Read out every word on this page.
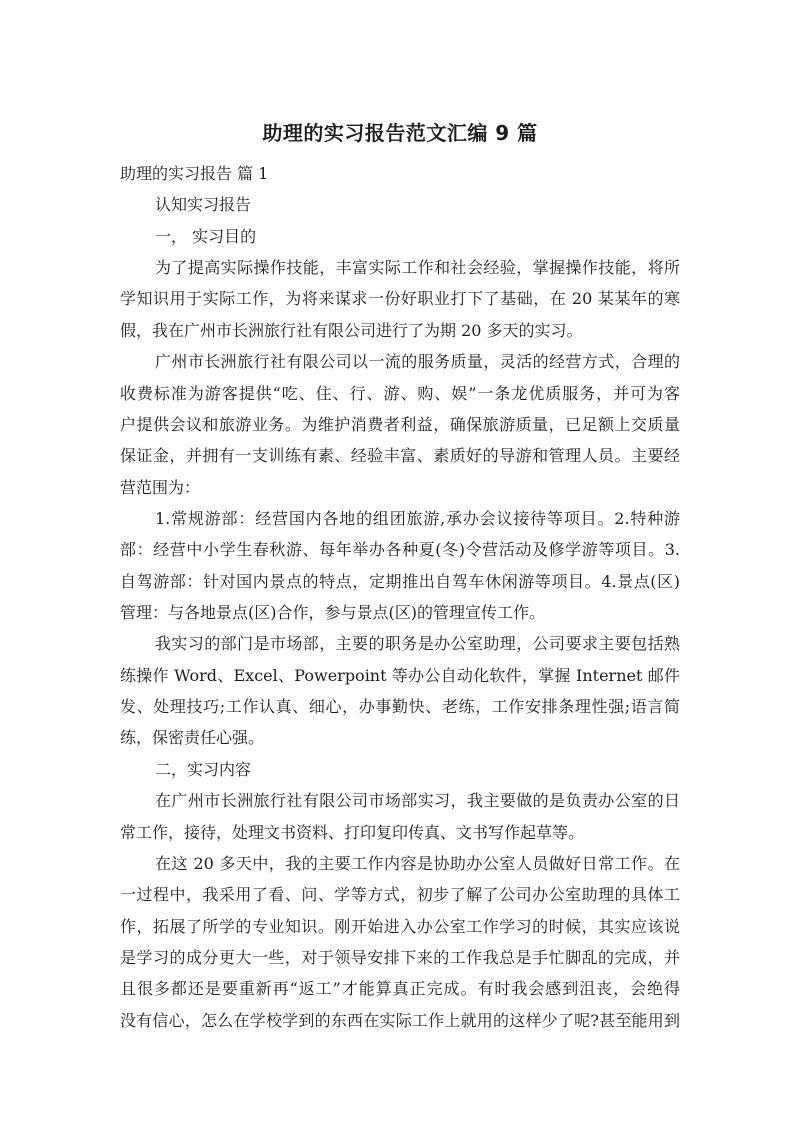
助理的实习报告范文汇编 9 篇
助理的实习报告 篇 1
认知实习报告
一， 实习目的
为了提高实际操作技能，丰富实际工作和社会经验，掌握操作技能，将所
学知识用于实际工作，为将来谋求一份好职业打下了基础，在 20 某某年的寒
假，我在广州市长洲旅行社有限公司进行了为期 20 多天的实习。
广州市长洲旅行社有限公司以一流的服务质量，灵活的经营方式，合理的
收费标准为游客提供“吃、住、行、游、购、娱”一条龙优质服务，并可为客
户提供会议和旅游业务。为维护消费者利益，确保旅游质量，已足额上交质量
保证金，并拥有一支训练有素、经验丰富、素质好的导游和管理人员。主要经
营范围为：
1.常规游部：经营国内各地的组团旅游,承办会议接待等项目。2.特种游
部：经营中小学生春秋游、每年举办各种夏(冬)令营活动及修学游等项目。3.
自驾游部：针对国内景点的特点，定期推出自驾车休闲游等项目。4.景点(区)
管理：与各地景点(区)合作，参与景点(区)的管理宣传工作。
我实习的部门是市场部，主要的职务是办公室助理，公司要求主要包括熟
练操作 Word、Excel、Powerpoint 等办公自动化软件，掌握 Internet 邮件
发、处理技巧;工作认真、细心，办事勤快、老练，工作安排条理性强;语言简
练，保密责任心强。
二，实习内容
在广州市长洲旅行社有限公司市场部实习，我主要做的是负责办公室的日
常工作，接待，处理文书资料、打印复印传真、文书写作起草等。
在这 20 多天中，我的主要工作内容是协助办公室人员做好日常工作。在
一过程中，我采用了看、问、学等方式，初步了解了公司办公室助理的具体工
作，拓展了所学的专业知识。刚开始进入办公室工作学习的时候，其实应该说
是学习的成分更大一些，对于领导安排下来的工作我总是手忙脚乱的完成，并
且很多都还是要重新再“返工”才能算真正完成。有时我会感到沮丧，会绝得
没有信心，怎么在学校学到的东西在实际工作上就用的这样少了呢?甚至能用到
